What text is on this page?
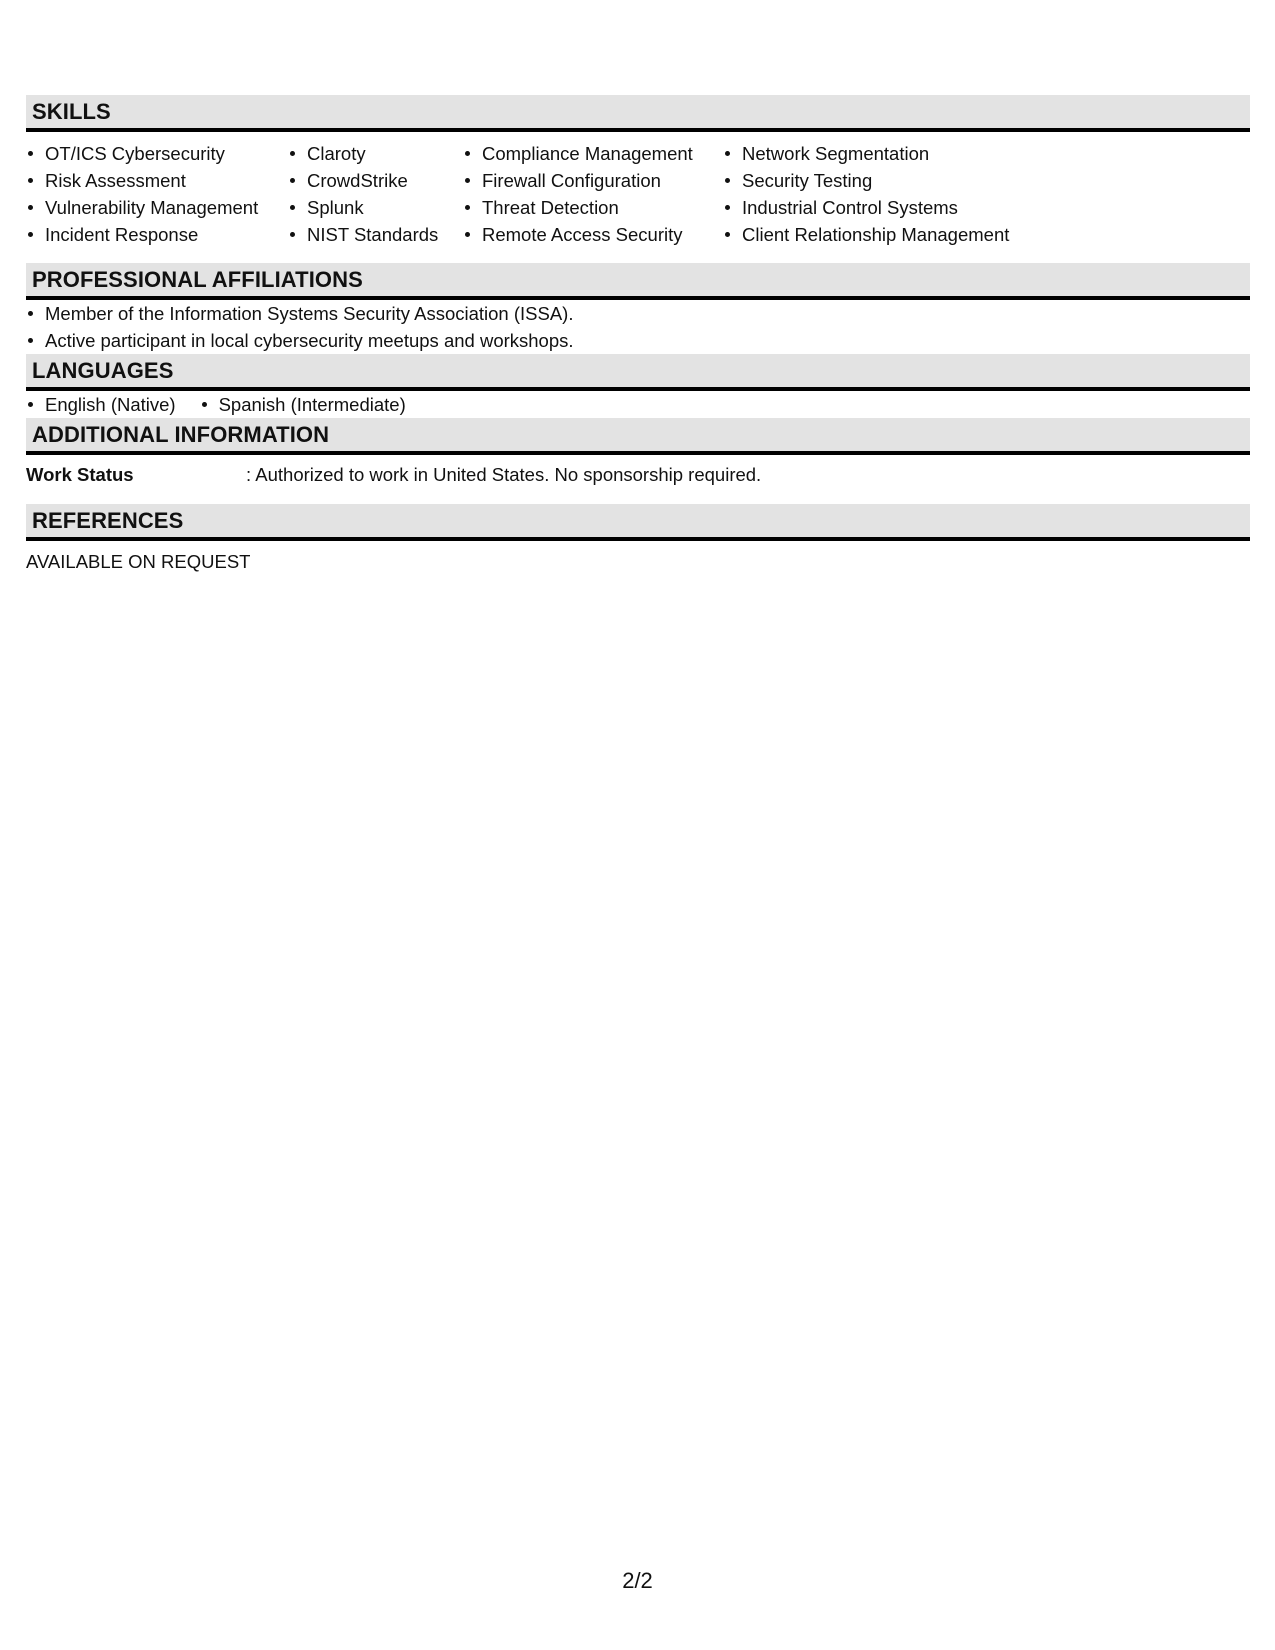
SKILLS
OT/ICS Cybersecurity
Risk Assessment
Vulnerability Management
Incident Response
Claroty
CrowdStrike
Splunk
NIST Standards
Compliance Management
Firewall Configuration
Threat Detection
Remote Access Security
Network Segmentation
Security Testing
Industrial Control Systems
Client Relationship Management
PROFESSIONAL AFFILIATIONS
Member of the Information Systems Security Association (ISSA).
Active participant in local cybersecurity meetups and workshops.
LANGUAGES
English (Native)	Spanish (Intermediate)
ADDITIONAL INFORMATION
Work Status	: Authorized to work in United States. No sponsorship required.
REFERENCES
AVAILABLE ON REQUEST
2/2
